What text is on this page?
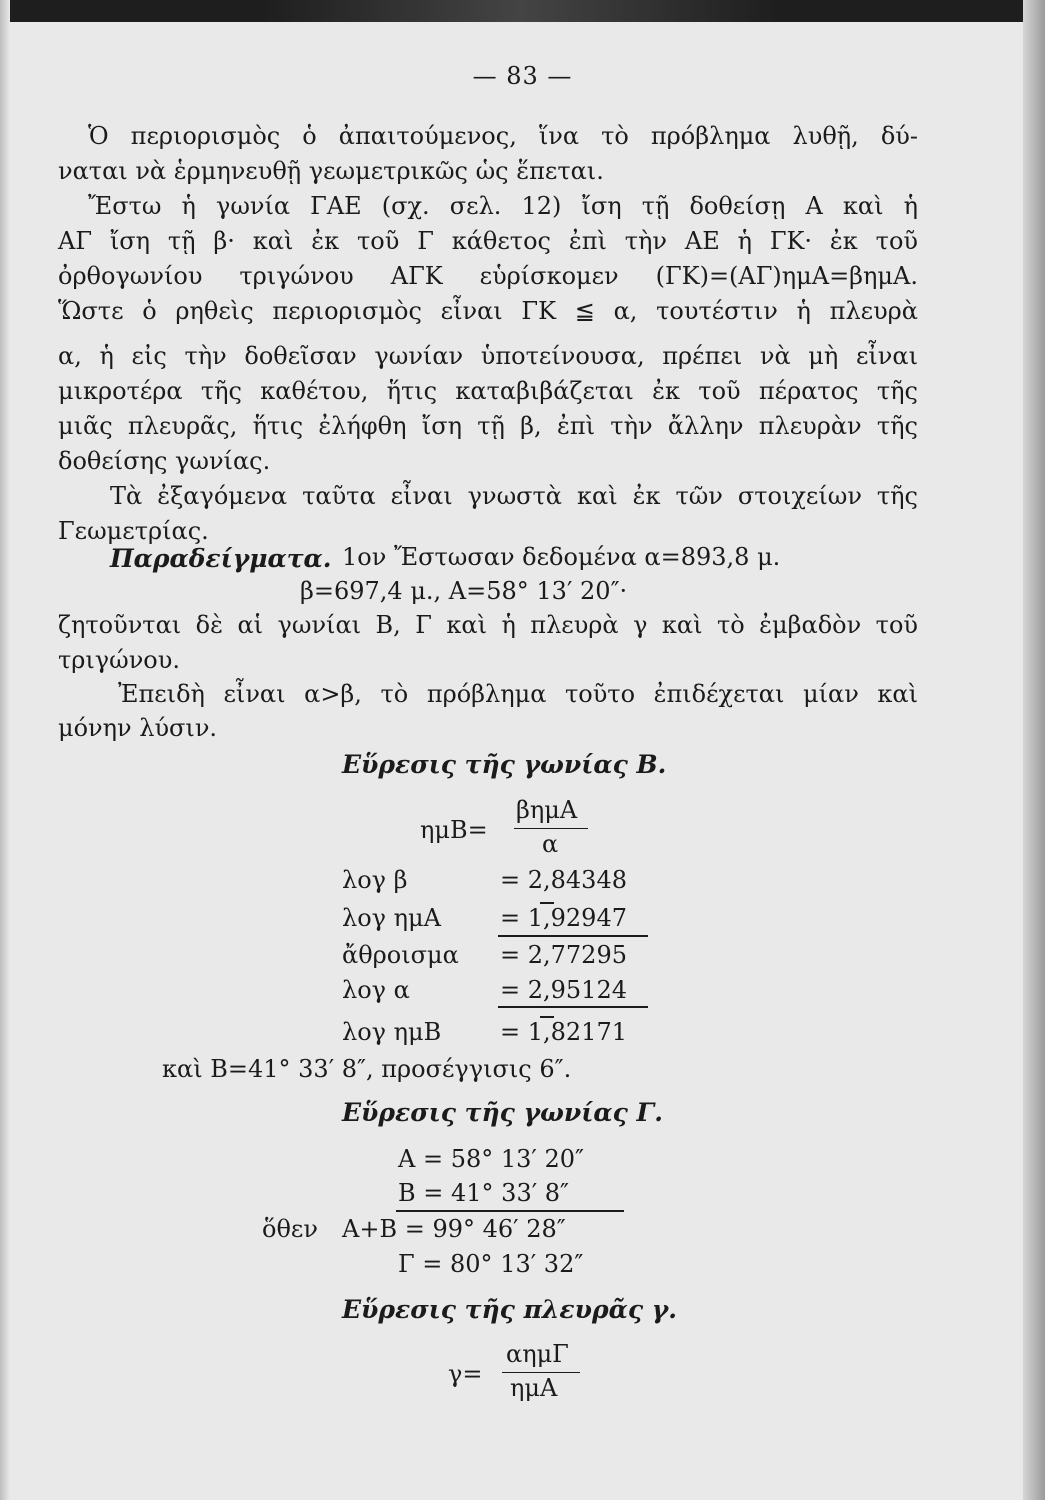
— 83 —
Ὁ περιορισμὸς ὁ ἀπαιτούμενος, ἵνα τὸ πρόβλημα λυθῇ, δύ-
ναται νὰ ἑρμηνευθῇ γεωμετρικῶς ὡς ἕπεται.
Ἔστω ἡ γωνία ΓΑΕ (σχ. σελ. 12) ἴση τῇ δοθείσῃ Α καὶ ἡ
ΑΓ ἴση τῇ β· καὶ ἐκ τοῦ Γ κάθετος ἐπὶ τὴν ΑΕ ἡ ΓΚ· ἐκ τοῦ
ὀρθογωνίου τριγώνου ΑΓΚ εὑρίσκομεν (ΓΚ)=(ΑΓ)ημΑ=βημΑ.
Ὥστε ὁ ρηθεὶς περιορισμὸς εἶναι ΓΚ ≦ α, τουτέστιν ἡ πλευρὰ
α, ἡ εἰς τὴν δοθεῖσαν γωνίαν ὑποτείνουσα, πρέπει νὰ μὴ εἶναι
μικροτέρα τῆς καθέτου, ἥτις καταβιβάζεται ἐκ τοῦ πέρατος τῆς
μιᾶς πλευρᾶς, ἥτις ἐλήφθη ἴση τῇ β, ἐπὶ τὴν ἄλλην πλευρὰν τῆς
δοθείσης γωνίας.
Τὰ ἐξαγόμενα ταῦτα εἶναι γνωστὰ καὶ ἐκ τῶν στοιχείων τῆς
Γεωμετρίας.
Παραδείγματα. 1ον Ἔστωσαν δεδομένα α=893,8 μ.
β=697,4 μ., Α=58° 13′ 20″·
ζητοῦνται δὲ αἱ γωνίαι Β, Γ καὶ ἡ πλευρὰ γ καὶ τὸ ἐμβαδὸν τοῦ
τριγώνου.
Ἐπειδὴ εἶναι α>β, τὸ πρόβλημα τοῦτο ἐπιδέχεται μίαν καὶ
μόνην λύσιν.
Εὕρεσις τῆς γωνίας Β.
ημΒ=
βημΑ
α
λογ β	= 2,84348
λογ ημΑ = 1,92947
ἄθροισμα = 2,77295
λογ α	= 2,95124
λογ ημΒ = 1,82171
καὶ Β=41° 33′ 8″, προσέγγισις 6″.
Εὕρεσις τῆς γωνίας Γ.
Α = 58° 13′ 20″
Β = 41° 33′ 8″
ὅθεν Α+Β = 99° 46′ 28″
Γ = 80° 13′ 32″
Εὕρεσις τῆς πλευρᾶς γ.
γ=
αημΓ
ημΑ
